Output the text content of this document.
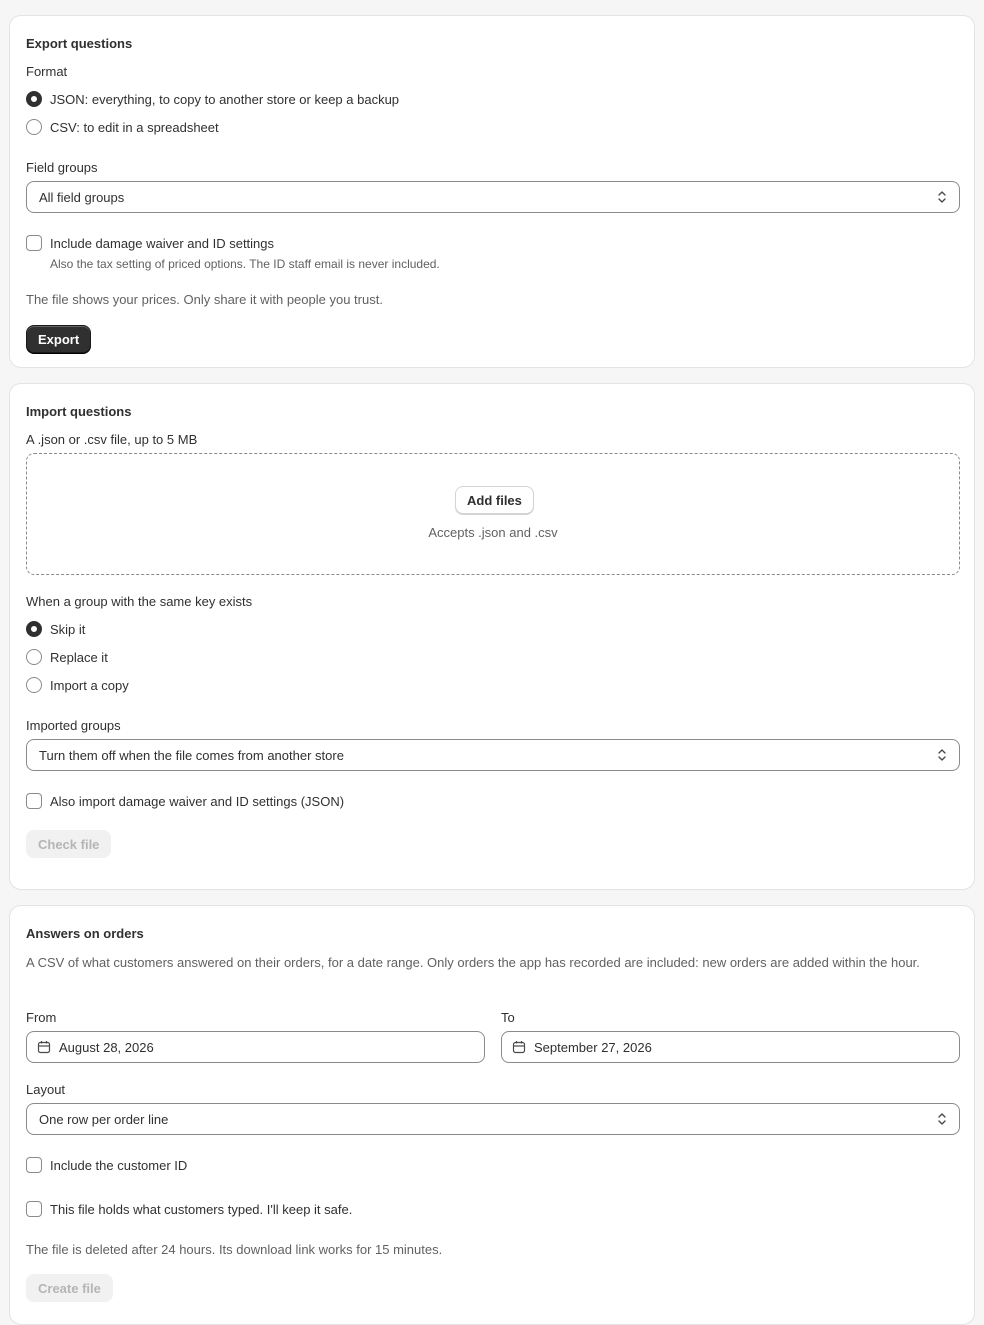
Export questions
Format
JSON: everything, to copy to another store or keep a backup
CSV: to edit in a spreadsheet
Field groups
All field groups
Include damage waiver and ID settings
Also the tax setting of priced options. The ID staff email is never included.
The file shows your prices. Only share it with people you trust.
Export
Import questions
A .json or .csv file, up to 5 MB
Add files
Accepts .json and .csv
When a group with the same key exists
Skip it
Replace it
Import a copy
Imported groups
Turn them off when the file comes from another store
Also import damage waiver and ID settings (JSON)
Check file
Answers on orders
A CSV of what customers answered on their orders, for a date range. Only orders the app has recorded are included: new orders are added within the hour.
From
August 28, 2026
To
September 27, 2026
Layout
One row per order line
Include the customer ID
This file holds what customers typed. I'll keep it safe.
The file is deleted after 24 hours. Its download link works for 15 minutes.
Create file
